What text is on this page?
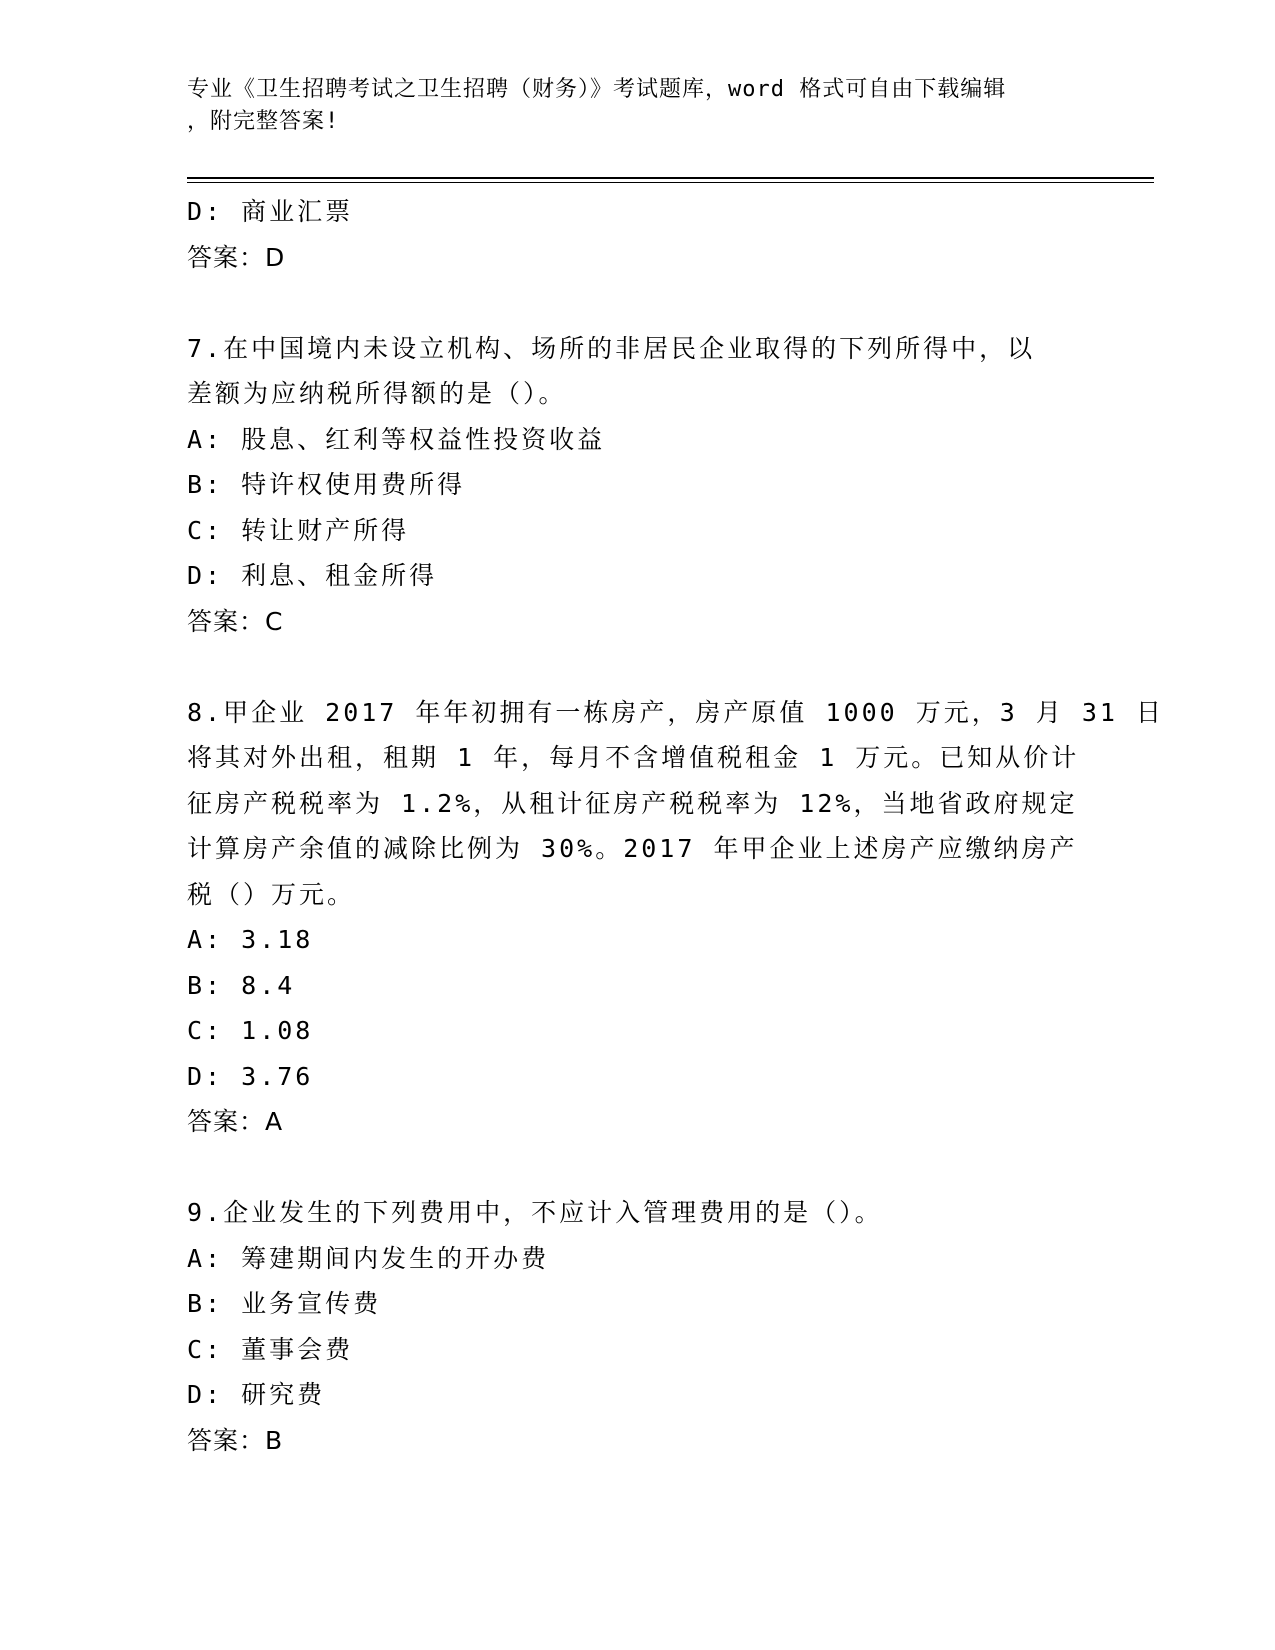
专业《卫生招聘考试之卫生招聘（财务）》考试题库，word 格式可自由下载编辑
，附完整答案!
D: 商业汇票
答案：D
7.在中国境内未设立机构、场所的非居民企业取得的下列所得中，以
差额为应纳税所得额的是（）。
A: 股息、红利等权益性投资收益
B: 特许权使用费所得
C: 转让财产所得
D: 利息、租金所得
答案：C
8.甲企业 2017 年年初拥有一栋房产，房产原值 1000 万元，3 月 31 日
将其对外出租，租期 1 年，每月不含增值税租金 1 万元。已知从价计
征房产税税率为 1.2%，从租计征房产税税率为 12%，当地省政府规定
计算房产余值的减除比例为 30%。2017 年甲企业上述房产应缴纳房产
税（）万元。
A: 3.18
B: 8.4
C: 1.08
D: 3.76
答案：A
9.企业发生的下列费用中，不应计入管理费用的是（）。
A: 筹建期间内发生的开办费
B: 业务宣传费
C: 董事会费
D: 研究费
答案：B
